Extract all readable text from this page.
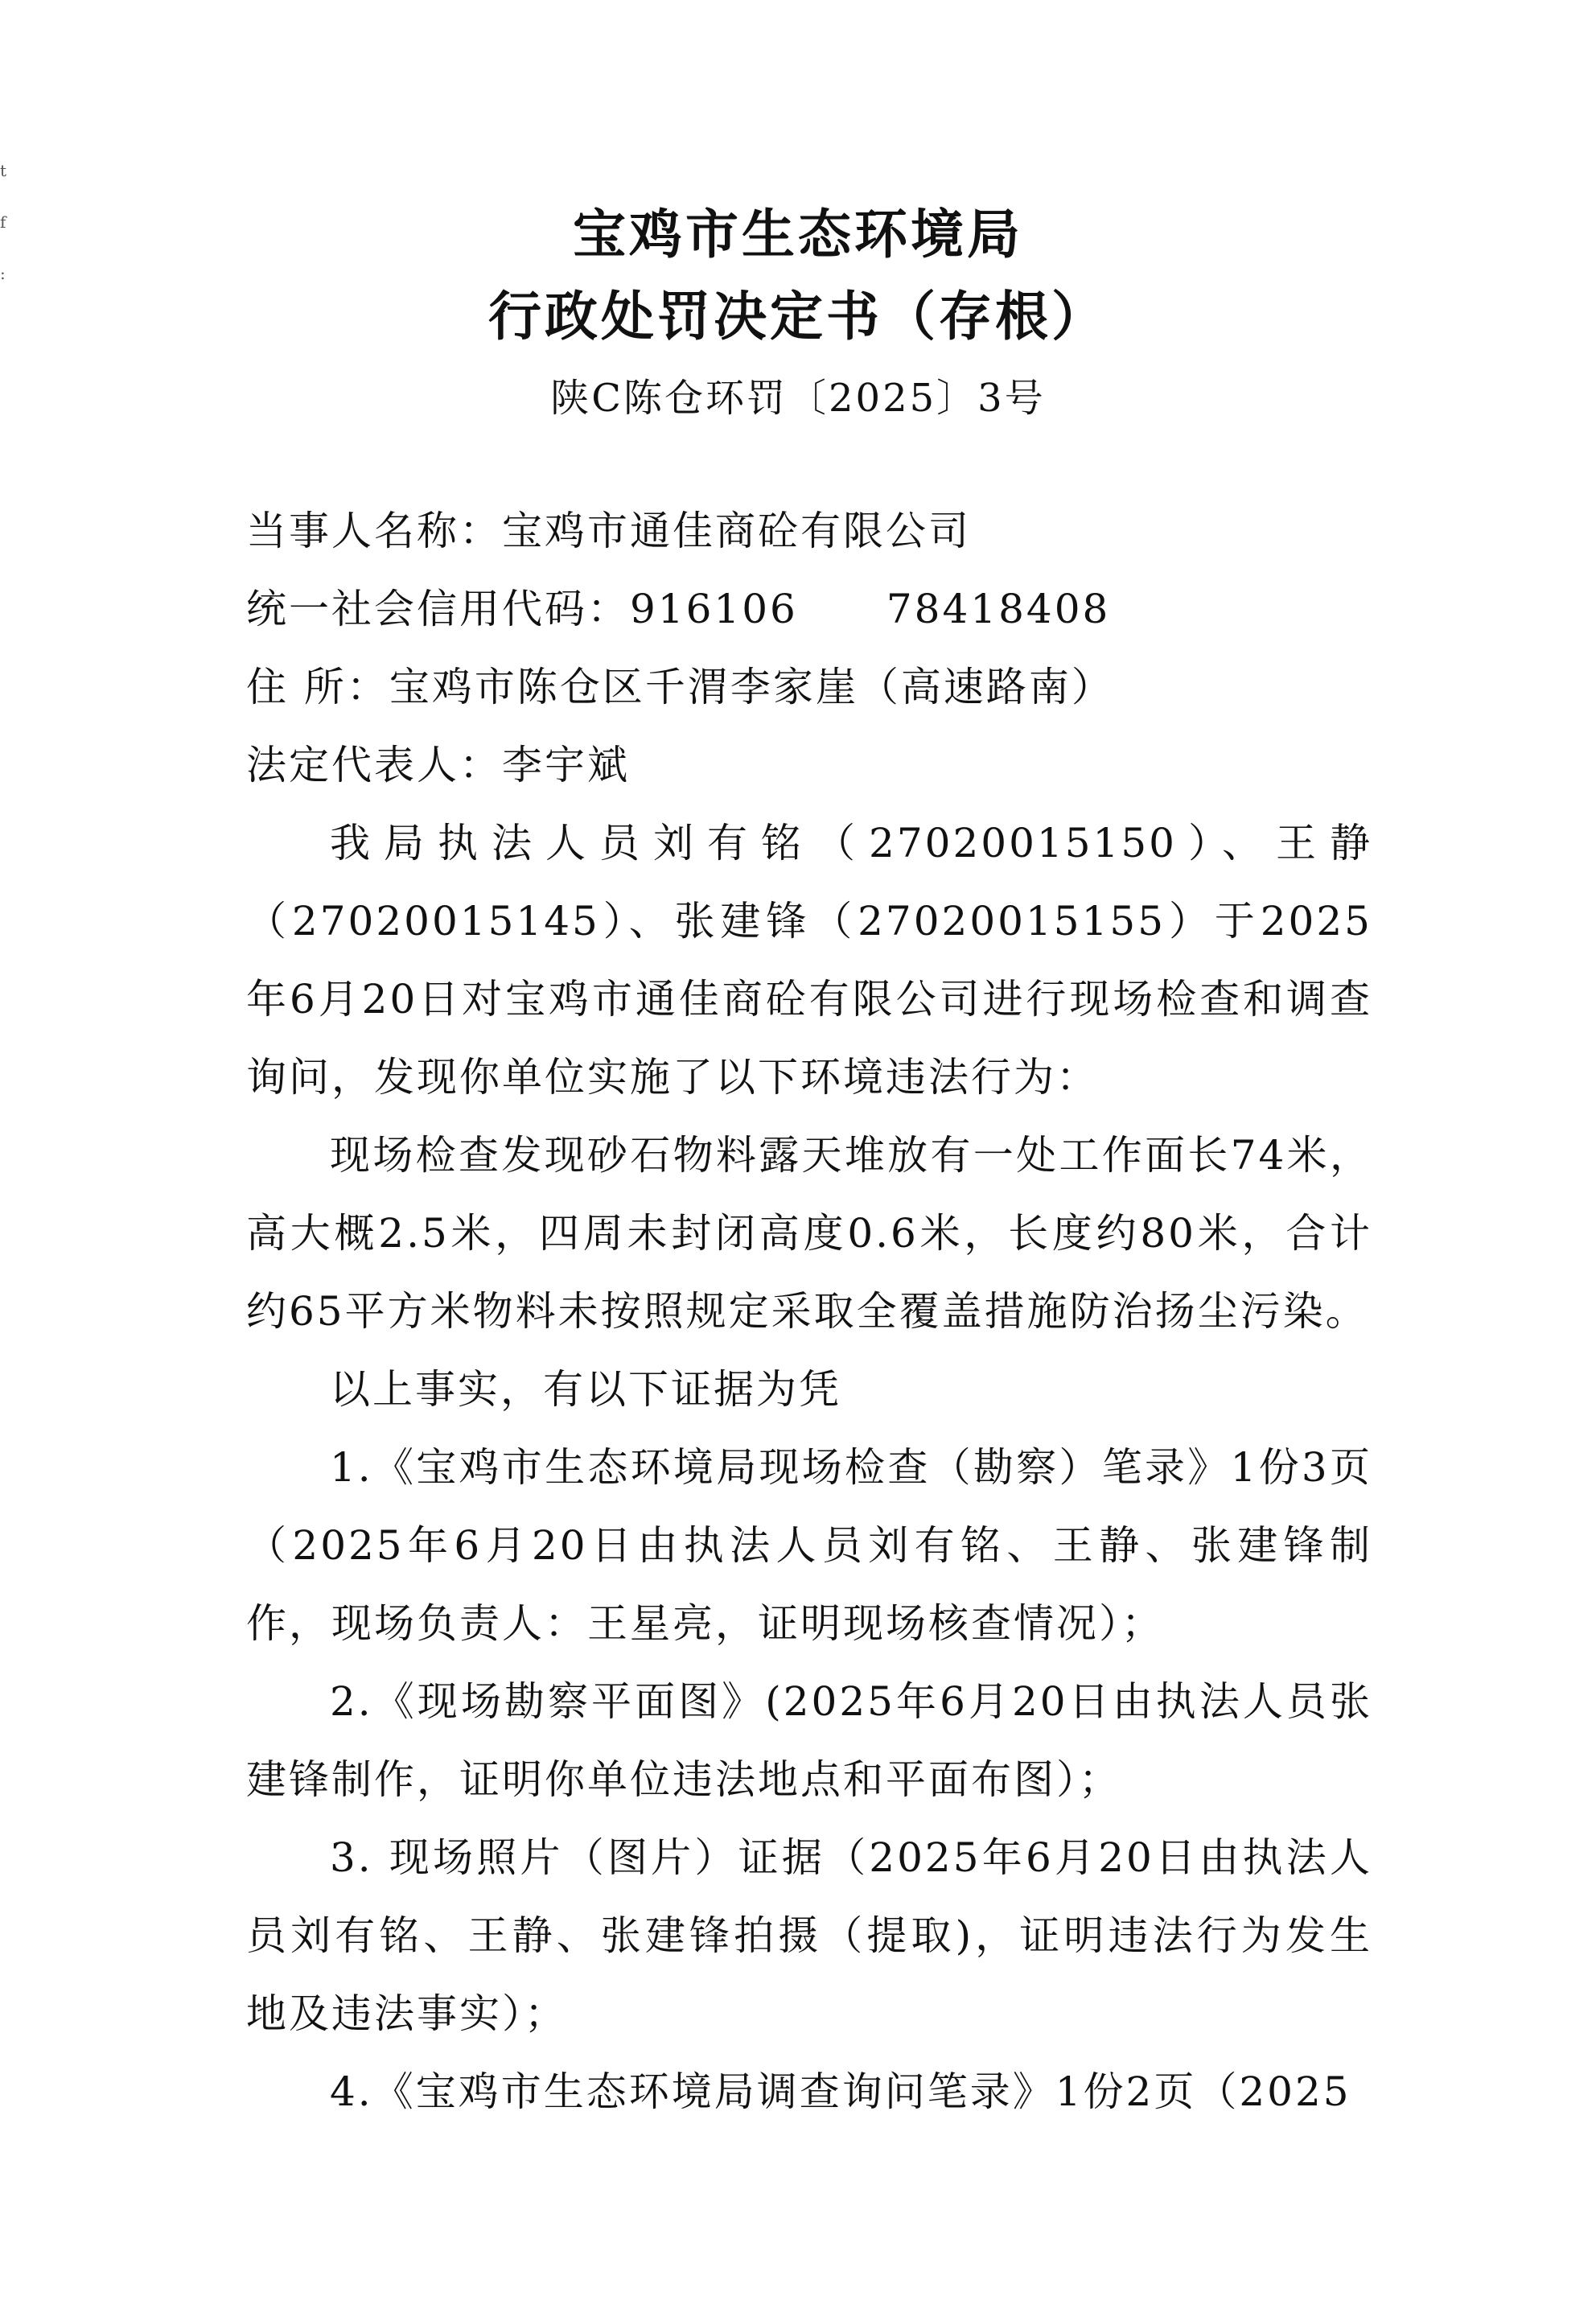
t
f
:
宝鸡市生态环境局
行政处罚决定书（存根）
陕C陈仓环罚〔2025〕3号

当事人名称：宝鸡市通佳商砼有限公司

统一社会信用代码：916106 78418408

住 所：宝鸡市陈仓区千渭李家崖（高速路南）

法定代表人：李宇斌

我局执法人员刘有铭（27020015150）、王静（27020015145）、张建锋（27020015155）于2025年6月20日对宝鸡市通佳商砼有限公司进行现场检查和调查询问，发现你单位实施了以下环境违法行为：

现场检查发现砂石物料露天堆放有一处工作面长74米，高大概2.5米，四周未封闭高度0.6米，长度约80米，合计约65平方米物料未按照规定采取全覆盖措施防治扬尘污染。

以上事实，有以下证据为凭

1.《宝鸡市生态环境局现场检查（勘察）笔录》1份3页（2025年6月20日由执法人员刘有铭、王静、张建锋制作，现场负责人：王星亮，证明现场核查情况）；

2.《现场勘察平面图》(2025年6月20日由执法人员张建锋制作，证明你单位违法地点和平面布图）；

3. 现场照片（图片）证据（2025年6月20日由执法人员刘有铭、王静、张建锋拍摄（提取)，证明违法行为发生地及违法事实）；

4.《宝鸡市生态环境局调查询问笔录》1份2页（2025
